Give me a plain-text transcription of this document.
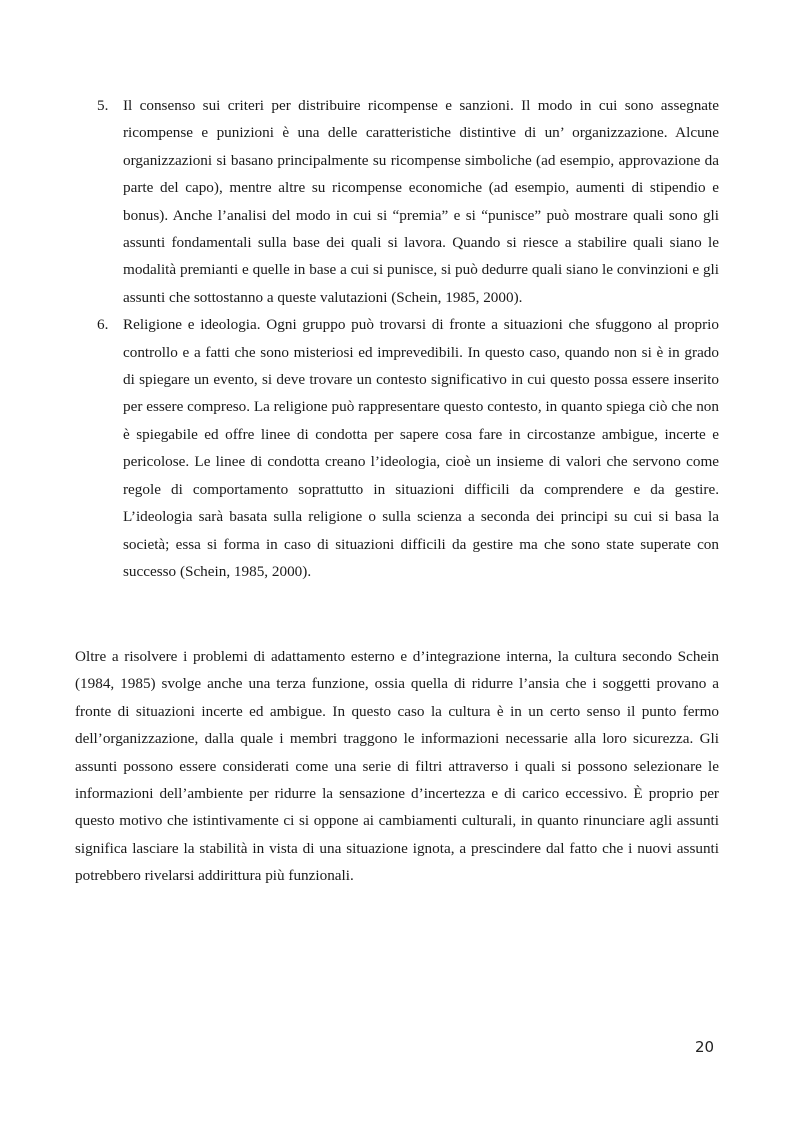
5. Il consenso sui criteri per distribuire ricompense e sanzioni. Il modo in cui sono assegnate ricompense e punizioni è una delle caratteristiche distintive di un’ organizzazione. Alcune organizzazioni si basano principalmente su ricompense simboliche (ad esempio, approvazione da parte del capo), mentre altre su ricompense economiche (ad esempio, aumenti di stipendio e bonus). Anche l’analisi del modo in cui si “premia” e si “punisce” può mostrare quali sono gli assunti fondamentali sulla base dei quali si lavora. Quando si riesce a stabilire quali siano le modalità premianti e quelle in base a cui si punisce, si può dedurre quali siano le convinzioni e gli assunti che sottostanno a queste valutazioni (Schein, 1985, 2000).
6. Religione e ideologia. Ogni gruppo può trovarsi di fronte a situazioni che sfuggono al proprio controllo e a fatti che sono misteriosi ed imprevedibili. In questo caso, quando non si è in grado di spiegare un evento, si deve trovare un contesto significativo in cui questo possa essere inserito per essere compreso. La religione può rappresentare questo contesto, in quanto spiega ciò che non è spiegabile ed offre linee di condotta per sapere cosa fare in circostanze ambigue, incerte e pericolose. Le linee di condotta creano l’ideologia, cioè un insieme di valori che servono come regole di comportamento soprattutto in situazioni difficili da comprendere e da gestire. L’ideologia sarà basata sulla religione o sulla scienza a seconda dei principi su cui si basa la società; essa si forma in caso di situazioni difficili da gestire ma che sono state superate con successo (Schein, 1985, 2000).

Oltre a risolvere i problemi di adattamento esterno e d’integrazione interna, la cultura secondo Schein (1984, 1985) svolge anche una terza funzione, ossia quella di ridurre l’ansia che i soggetti provano a fronte di situazioni incerte ed ambigue. In questo caso la cultura è in un certo senso il punto fermo dell’organizzazione, dalla quale i membri traggono le informazioni necessarie alla loro sicurezza. Gli assunti possono essere considerati come una serie di filtri attraverso i quali si possono selezionare le informazioni dell’ambiente per ridurre la sensazione d’incertezza e di carico eccessivo. È proprio per questo motivo che istintivamente ci si oppone ai cambiamenti culturali, in quanto rinunciare agli assunti significa lasciare la stabilità in vista di una situazione ignota, a prescindere dal fatto che i nuovi assunti potrebbero rivelarsi addirittura più funzionali.

20
